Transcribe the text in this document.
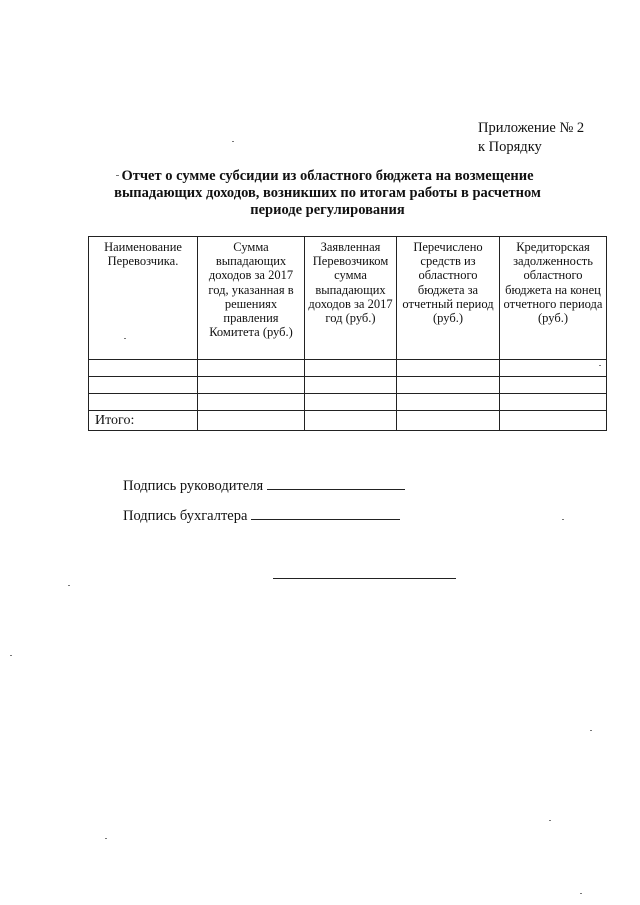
Приложение № 2
к Порядку
Отчет о сумме субсидии из областного бюджета на возмещение выпадающих доходов, возникших по итогам работы в расчетном периоде регулирования
Наименование Перевозчика.	Сумма выпадающих доходов за 2017 год, указанная в решениях правления Комитета (руб.)	Заявленная Перевозчиком сумма выпадающих доходов за 2017 год (руб.)	Перечислено средств из областного бюджета за отчетный период (руб.)	Кредиторская задолженность областного бюджета на конец отчетного периода (руб.)

Итого:				
Подпись руководителя
Подпись бухгалтера
